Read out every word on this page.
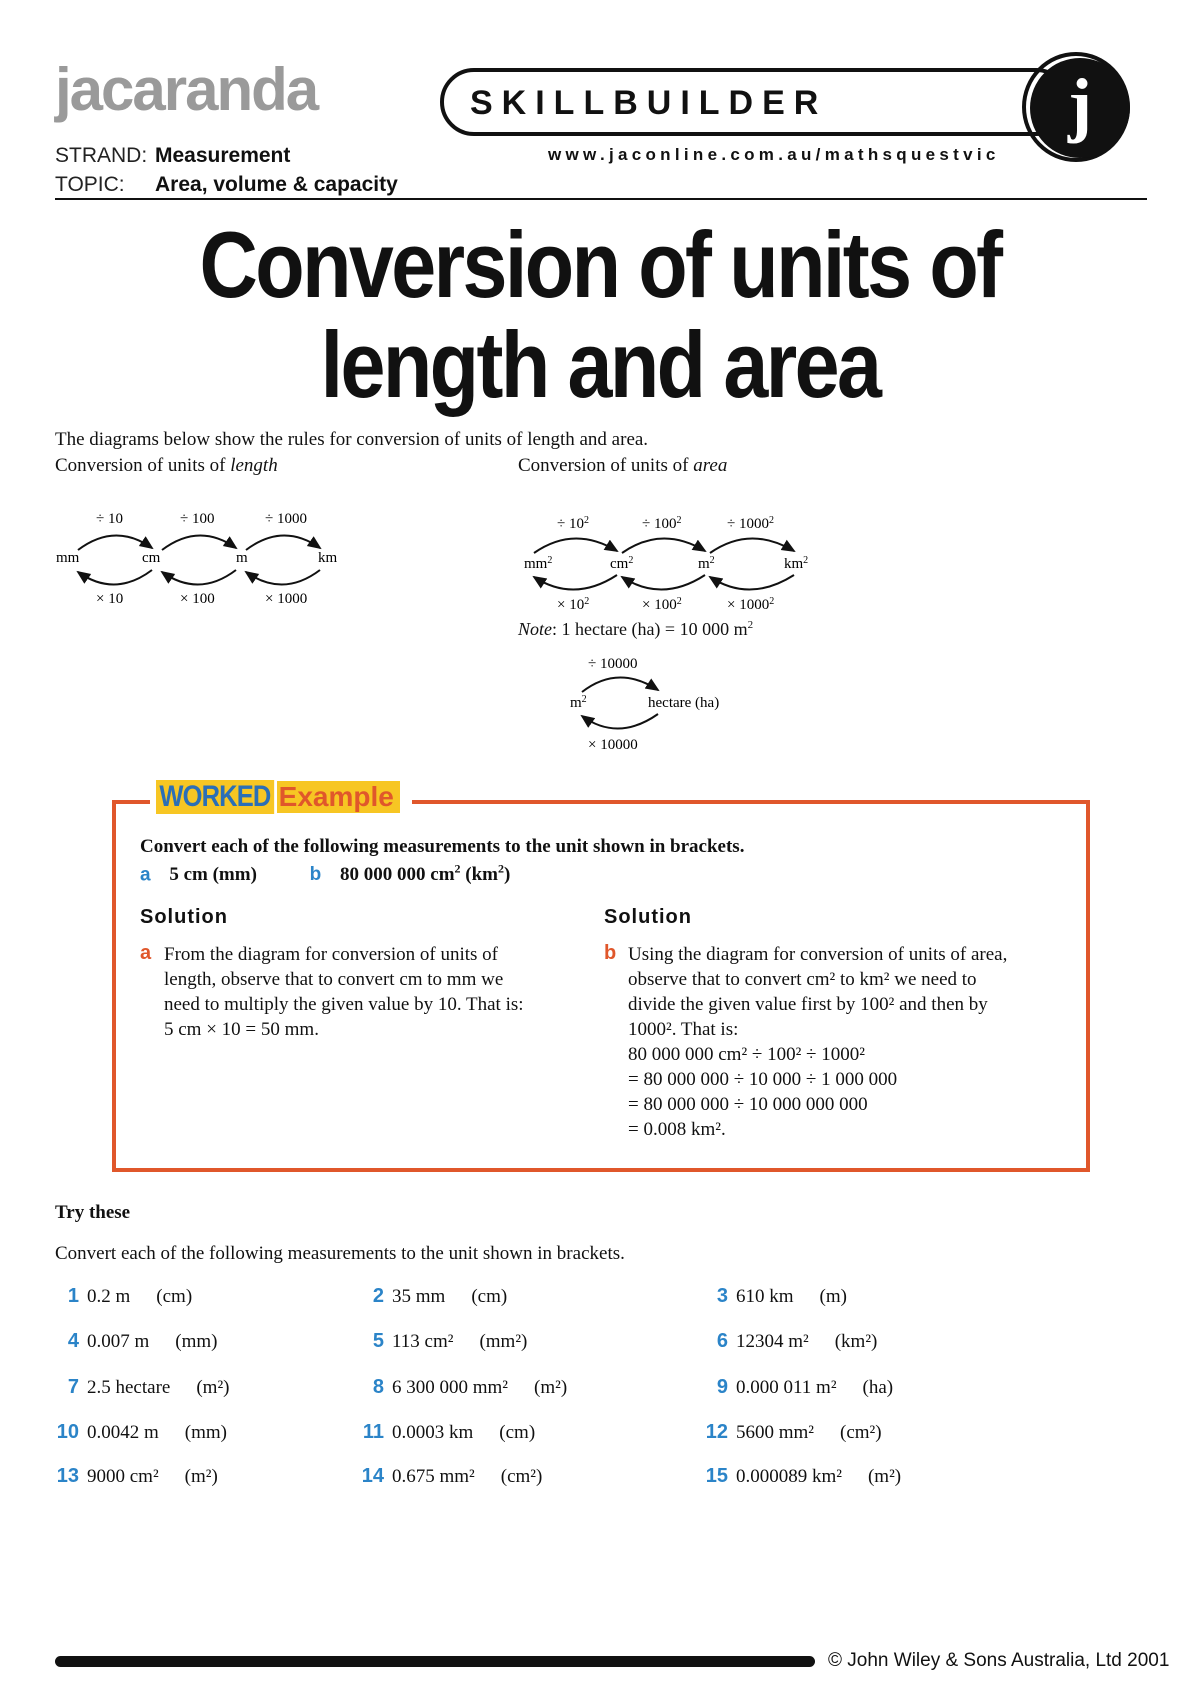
jacaranda
STRAND: Measurement
TOPIC: Area, volume & capacity
SKILLBUILDER
www.jaconline.com.au/mathsquestvic
j
Conversion of units of
length and area
The diagrams below show the rules for conversion of units of length and area.
Conversion of units of length	Conversion of units of area
÷ 10	÷ 100	÷ 1000
mm	cm	m	km
× 10	× 100	× 1000
÷ $10^2$	÷ $100^2$	÷ $1000^2$
$mm^2$	$cm^2$	$m^2$	$km^2$
× $10^2$	× $100^2$	× $1000^2$
Note: 1 hectare (ha) = 10 000 $m^2$
÷ 10000
$m^2$	hectare (ha)
× 10000
WORKED Example
Convert each of the following measurements to the unit shown in brackets.
a 5 cm (mm)	b 80 000 000 $cm^2$ $(km^2)$
Solution	Solution
a From the diagram for conversion of units of
length, observe that to convert cm to mm we
need to multiply the given value by 10. That is:
5 cm × 10 = 50 mm.
b Using the diagram for conversion of units of area,
observe that to convert cm² to km² we need to
divide the given value first by 100² and then by
1000². That is:
80 000 000 cm² ÷ 100² ÷ 1000²
= 80 000 000 ÷ 10 000 ÷ 1 000 000
= 80 000 000 ÷ 10 000 000 000
= 0.008 km².
Try these
Convert each of the following measurements to the unit shown in brackets.
1 0.2 m (cm)	2 35 mm (cm)	3 610 km (m)
4 0.007 m (mm)	5 113 cm² (mm²)	6 12304 m² (km²)
7 2.5 hectare (m²)	8 6 300 000 mm² (m²)	9 0.000 011 m² (ha)
10 0.0042 m (mm)	11 0.0003 km (cm)	12 5600 mm² (cm²)
13 9000 cm² (m²)	14 0.675 mm² (cm²)	15 0.000089 km² (m²)
© John Wiley & Sons Australia, Ltd 2001
